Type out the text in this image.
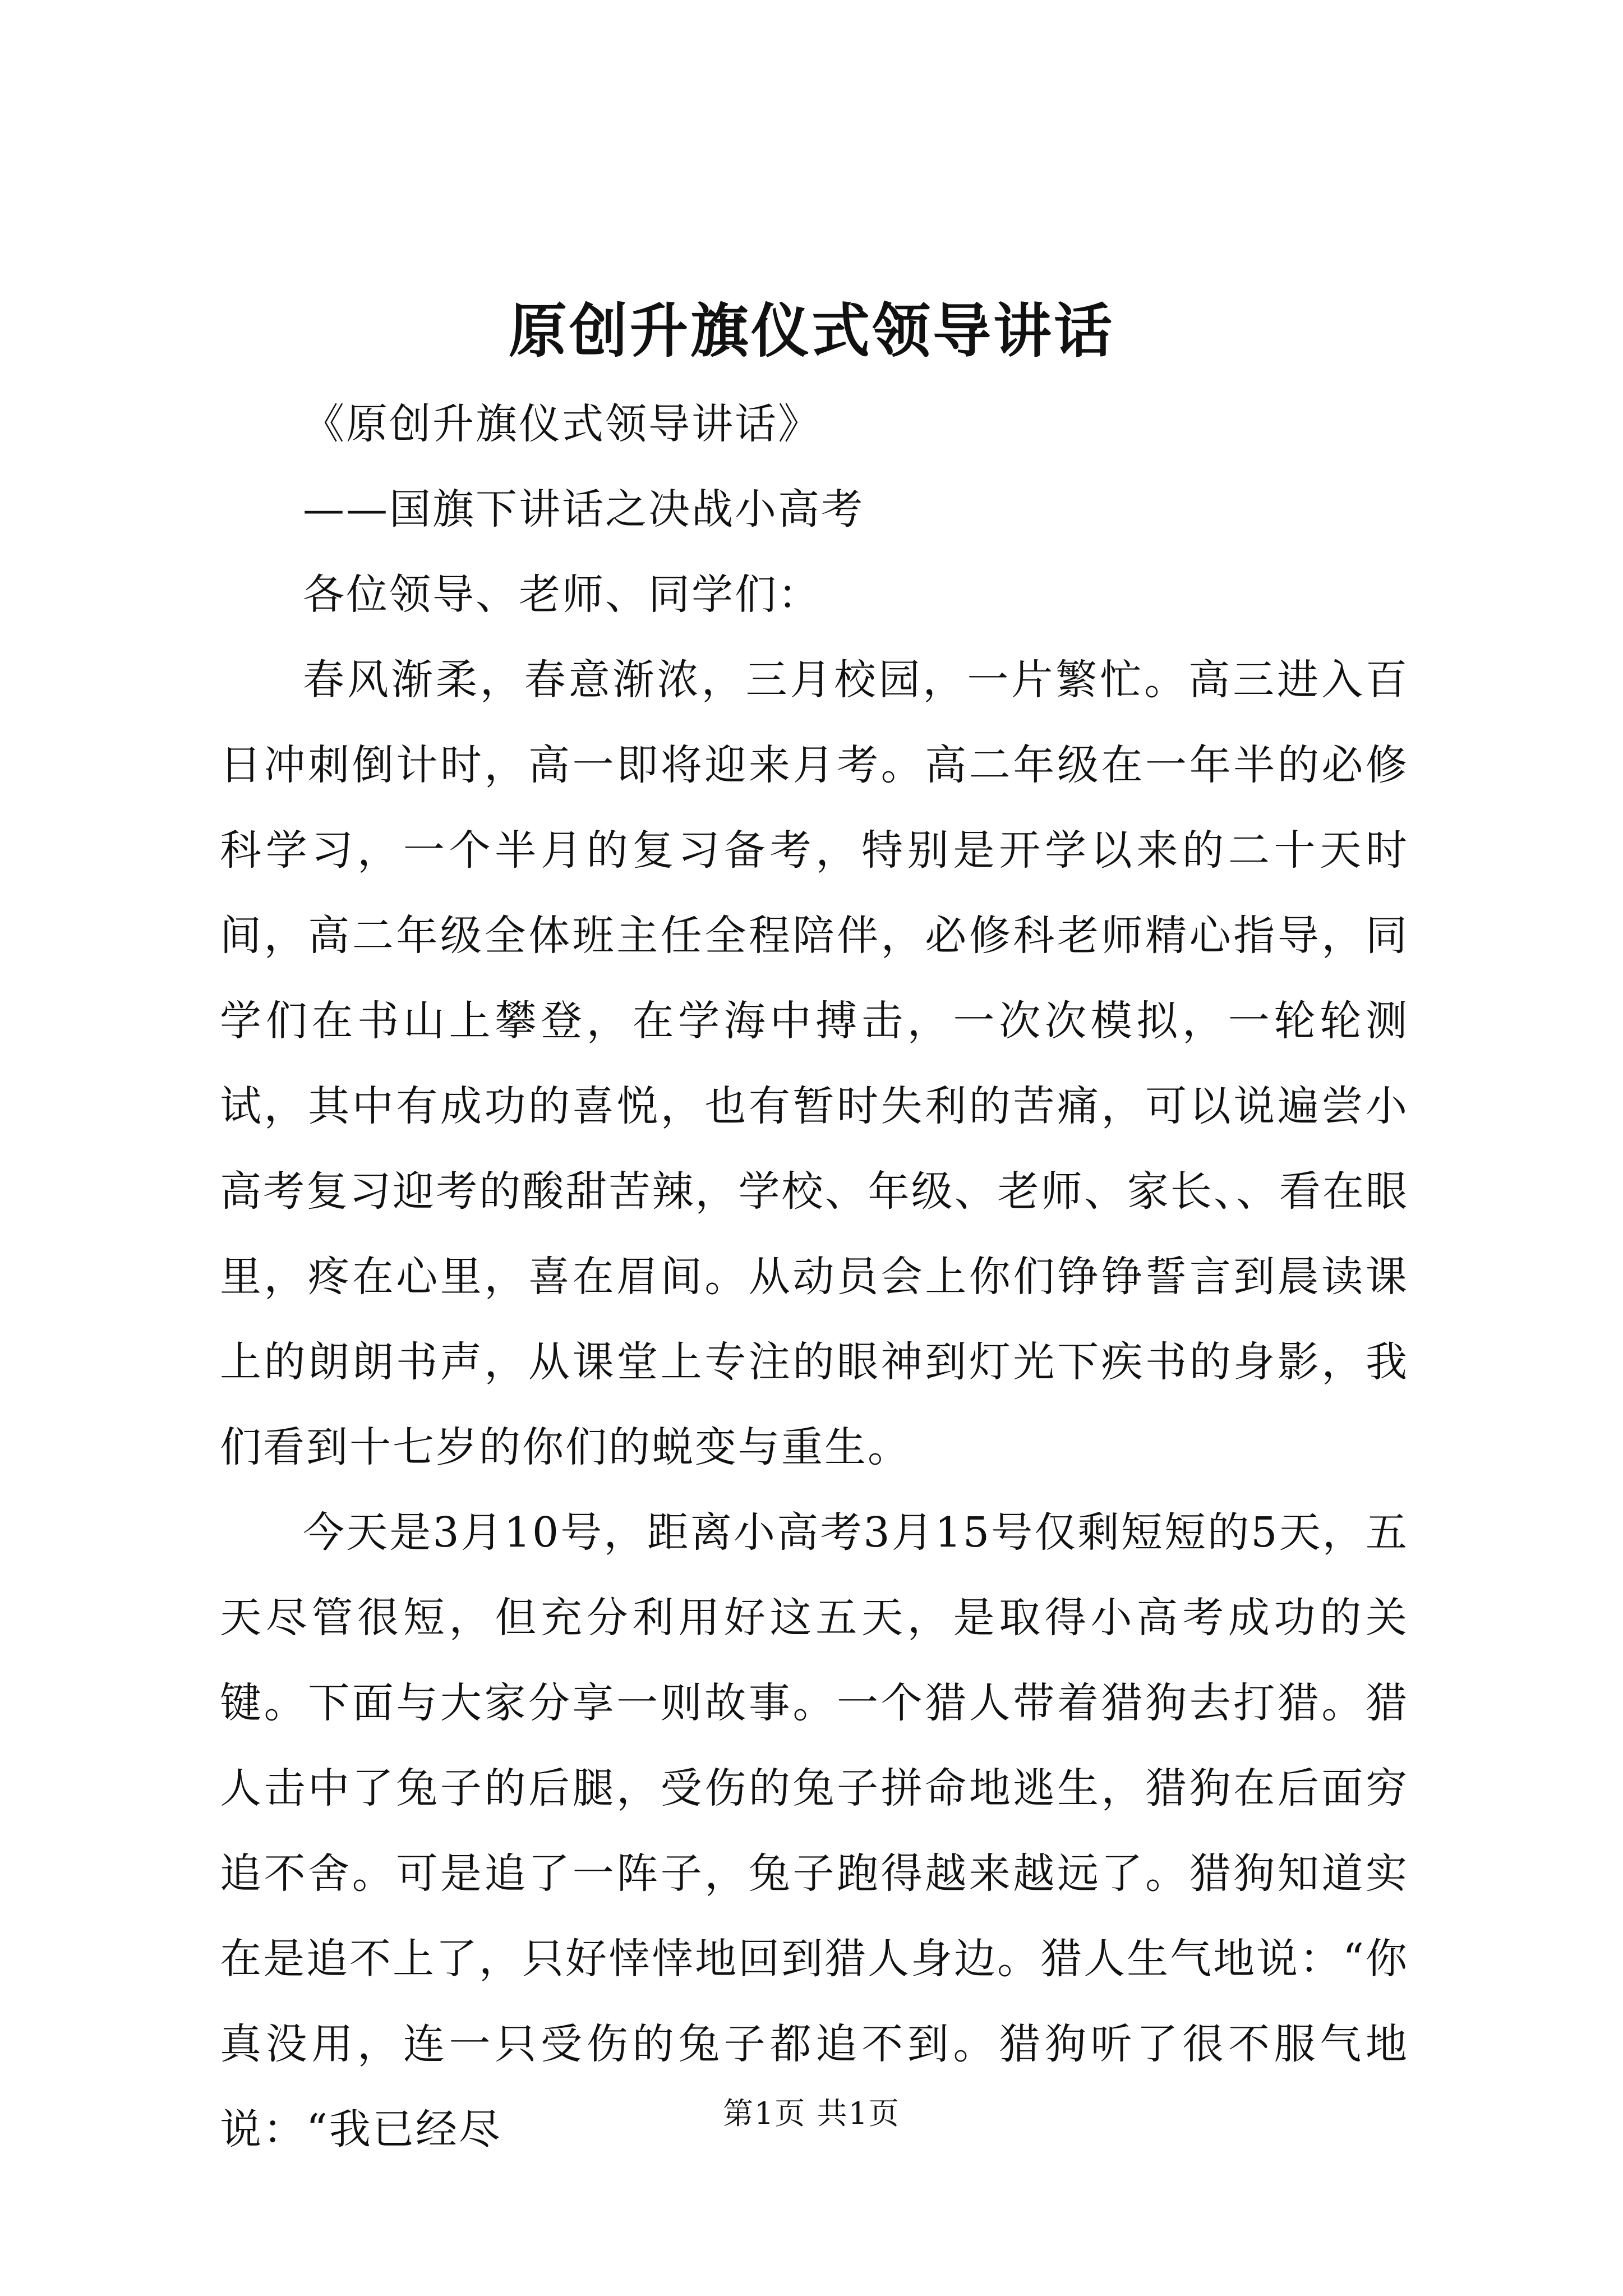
原创升旗仪式领导讲话

《原创升旗仪式领导讲话》

——国旗下讲话之决战小高考

各位领导、老师、同学们：

春风渐柔，春意渐浓，三月校园，一片繁忙。高三进入百日冲刺倒计时，高一即将迎来月考。高二年级在一年半的必修科学习，一个半月的复习备考，特别是开学以来的二十天时间，高二年级全体班主任全程陪伴，必修科老师精心指导，同学们在书山上攀登，在学海中搏击，一次次模拟，一轮轮测试，其中有成功的喜悦，也有暂时失利的苦痛，可以说遍尝小高考复习迎考的酸甜苦辣，学校、年级、老师、家长、、看在眼里，疼在心里，喜在眉间。从动员会上你们铮铮誓言到晨读课上的朗朗书声，从课堂上专注的眼神到灯光下疾书的身影，我们看到十七岁的你们的蜕变与重生。

今天是3月10号，距离小高考3月15号仅剩短短的5天，五天尽管很短，但充分利用好这五天，是取得小高考成功的关键。下面与大家分享一则故事。一个猎人带着猎狗去打猎。猎人击中了兔子的后腿，受伤的兔子拼命地逃生，猎狗在后面穷追不舍。可是追了一阵子，兔子跑得越来越远了。猎狗知道实在是追不上了，只好悻悻地回到猎人身边。猎人生气地说：“你真没用，连一只受伤的兔子都追不到。猎狗听了很不服气地说：“我已经尽	第1页 共1页
